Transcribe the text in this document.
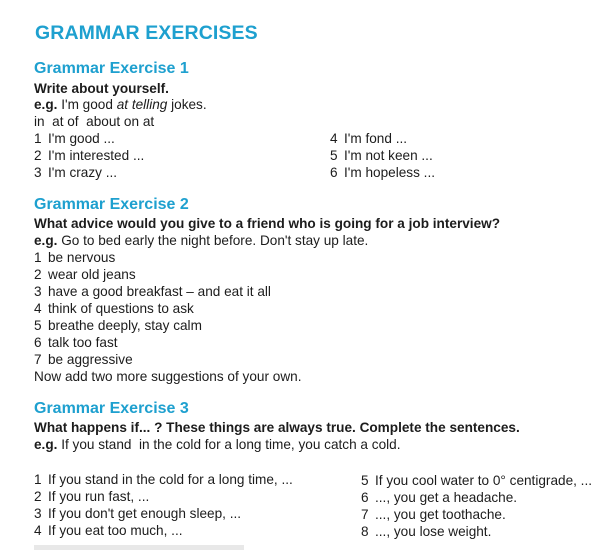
GRAMMAR EXERCISES
Grammar Exercise 1
Write about yourself.
e.g. I'm good at telling jokes.
in  at of  about on at
1 I'm good ...
2 I'm interested ...
3 I'm crazy ...
4 I'm fond ...
5 I'm not keen ...
6 I'm hopeless ...
Grammar Exercise 2
What advice would you give to a friend who is going for a job interview?
e.g. Go to bed early the night before. Don't stay up late.
1 be nervous
2 wear old jeans
3 have a good breakfast – and eat it all
4 think of questions to ask
5 breathe deeply, stay calm
6 talk too fast
7 be aggressive
Now add two more suggestions of your own.
Grammar Exercise 3
What happens if... ? These things are always true. Complete the sentences.
e.g. If you stand  in the cold for a long time, you catch a cold.
1 If you stand in the cold for a long time, ...
2 If you run fast, ...
3 If you don't get enough sleep, ...
4 If you eat too much, ...
5 If you cool water to 0° centigrade, ...
6 ..., you get a headache.
7 ..., you get toothache.
8 ..., you lose weight.
